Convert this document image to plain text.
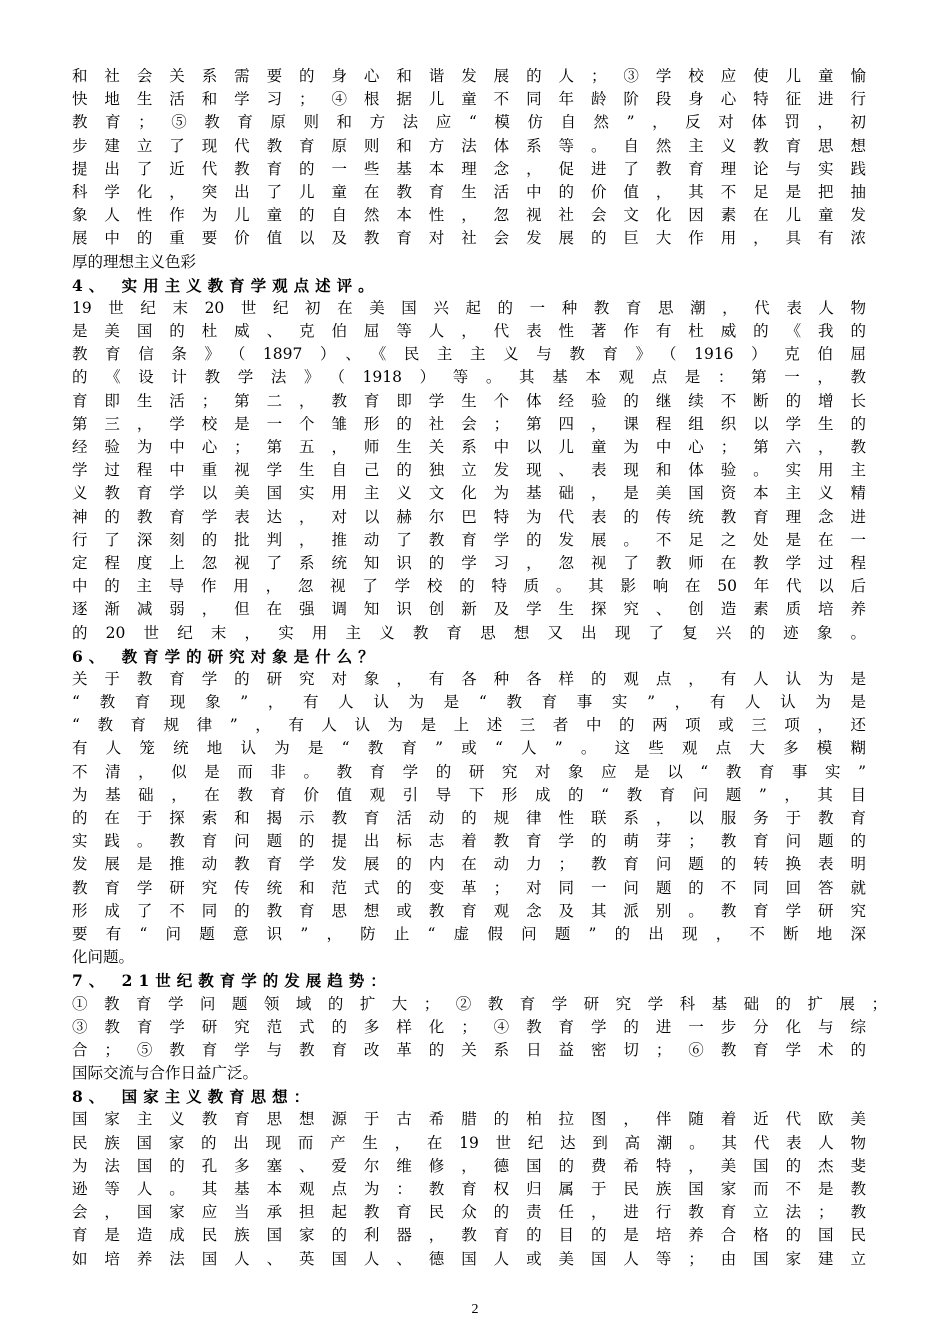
和社会关系需要的身心和谐发展的人；③学校应使儿童愉
快地生活和学习；④根据儿童不同年龄阶段身心特征进行
教育；⑤教育原则和方法应“模仿自然”，反对体罚，初
步建立了现代教育原则和方法体系等。自然主义教育思想
提出了近代教育的一些基本理念，促进了教育理论与实践
科学化，突出了儿童在教育生活中的价值，其不足是把抽
象人性作为儿童的自然本性，忽视社会文化因素在儿童发
展中的重要价值以及教育对社会发展的巨大作用，具有浓
厚的理想主义色彩
4、 实用主义教育学观点述评。
19世纪末20世纪初在美国兴起的一种教育思潮，代表人物
是美国的杜威、克伯屈等人，代表性著作有杜威的《我的
教育信条》（1897）、《民主主义与教育》（1916）克伯屈
的《设计教学法》（1918）等。其基本观点是：第一，教
育即生活；第二，教育即学生个体经验的继续不断的增长
第三，学校是一个雏形的社会；第四，课程组织以学生的
经验为中心；第五，师生关系中以儿童为中心；第六，教
学过程中重视学生自己的独立发现、表现和体验。实用主
义教育学以美国实用主义文化为基础，是美国资本主义精
神的教育学表达，对以赫尔巴特为代表的传统教育理念进
行了深刻的批判，推动了教育学的发展。不足之处是在一
定程度上忽视了系统知识的学习，忽视了教师在教学过程
中的主导作用，忽视了学校的特质。其影响在50年代以后
逐渐减弱，但在强调知识创新及学生探究、创造素质培养
的20世纪末，实用主义教育思想又出现了复兴的迹象。
6、 教育学的研究对象是什么？
关于教育学的研究对象，有各种各样的观点，有人认为是
“教育现象”，有人认为是“教育事实”，有人认为是
“教育规律”，有人认为是上述三者中的两项或三项，还
有人笼统地认为是“教育”或“人”。这些观点大多模糊
不清，似是而非。教育学的研究对象应是以“教育事实”
为基础，在教育价值观引导下形成的“教育问题”，其目
的在于探索和揭示教育活动的规律性联系，以服务于教育
实践。教育问题的提出标志着教育学的萌芽；教育问题的
发展是推动教育学发展的内在动力；教育问题的转换表明
教育学研究传统和范式的变革；对同一问题的不同回答就
形成了不同的教育思想或教育观念及其派别。教育学研究
要有“问题意识”，防止“虚假问题”的出现，不断地深
化问题。
7、 21世纪教育学的发展趋势：
①教育学问题领域的扩大；②教育学研究学科基础的扩展；
③教育学研究范式的多样化；④教育学的进一步分化与综
合；⑤教育学与教育改革的关系日益密切；⑥教育学术的
国际交流与合作日益广泛。
8、 国家主义教育思想：
国家主义教育思想源于古希腊的柏拉图，伴随着近代欧美
民族国家的出现而产生，在19世纪达到高潮。其代表人物
为法国的孔多塞、爱尔维修，德国的费希特，美国的杰斐
逊等人。其基本观点为：教育权归属于民族国家而不是教
会，国家应当承担起教育民众的责任，进行教育立法；教
育是造成民族国家的利器，教育的目的是培养合格的国民
如培养法国人、英国人、德国人或美国人等；由国家建立
2
